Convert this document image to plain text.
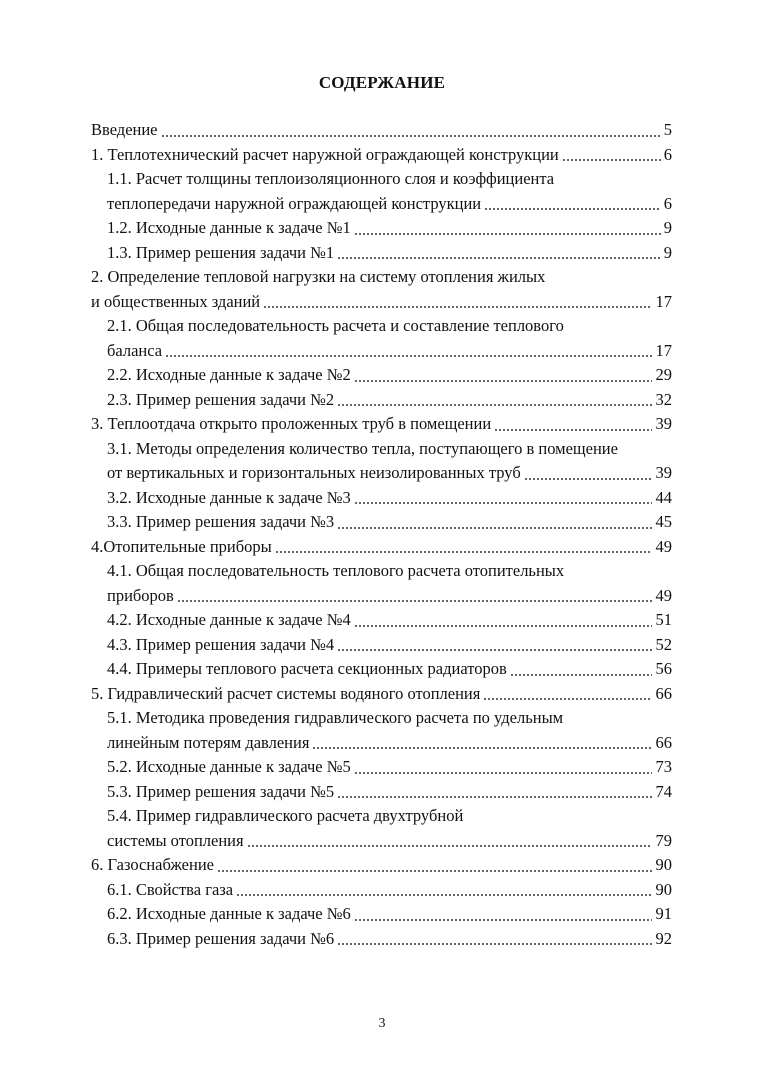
СОДЕРЖАНИЕ
Введение	5
1. Теплотехнический расчет наружной ограждающей конструкции	6
1.1. Расчет толщины теплоизоляционного слоя и коэффициента
теплопередачи наружной ограждающей конструкции	6
1.2. Исходные данные к задаче №1	9
1.3. Пример решения задачи №1	9
2. Определение тепловой нагрузки на систему отопления жилых
и общественных зданий	17
2.1. Общая последовательность расчета и составление теплового
баланса	17
2.2. Исходные данные к задаче №2	29
2.3. Пример решения задачи №2	32
3. Теплоотдача открыто проложенных труб в помещении	39
3.1. Методы определения количество тепла, поступающего в помещение
от вертикальных и горизонтальных неизолированных труб	39
3.2. Исходные данные к задаче №3	44
3.3. Пример решения задачи №3	45
4.Отопительные приборы	49
4.1. Общая последовательность теплового расчета отопительных
приборов	49
4.2. Исходные данные к задаче №4	51
4.3. Пример решения задачи №4	52
4.4. Примеры теплового расчета секционных радиаторов	56
5. Гидравлический расчет системы водяного отопления	66
5.1. Методика проведения гидравлического расчета по удельным
линейным потерям давления	66
5.2. Исходные данные к задаче №5	73
5.3. Пример решения задачи №5	74
5.4. Пример гидравлического расчета двухтрубной
системы отопления	79
6. Газоснабжение	90
6.1. Свойства газа	90
6.2. Исходные данные к задаче №6	91
6.3. Пример решения задачи №6	92
3
